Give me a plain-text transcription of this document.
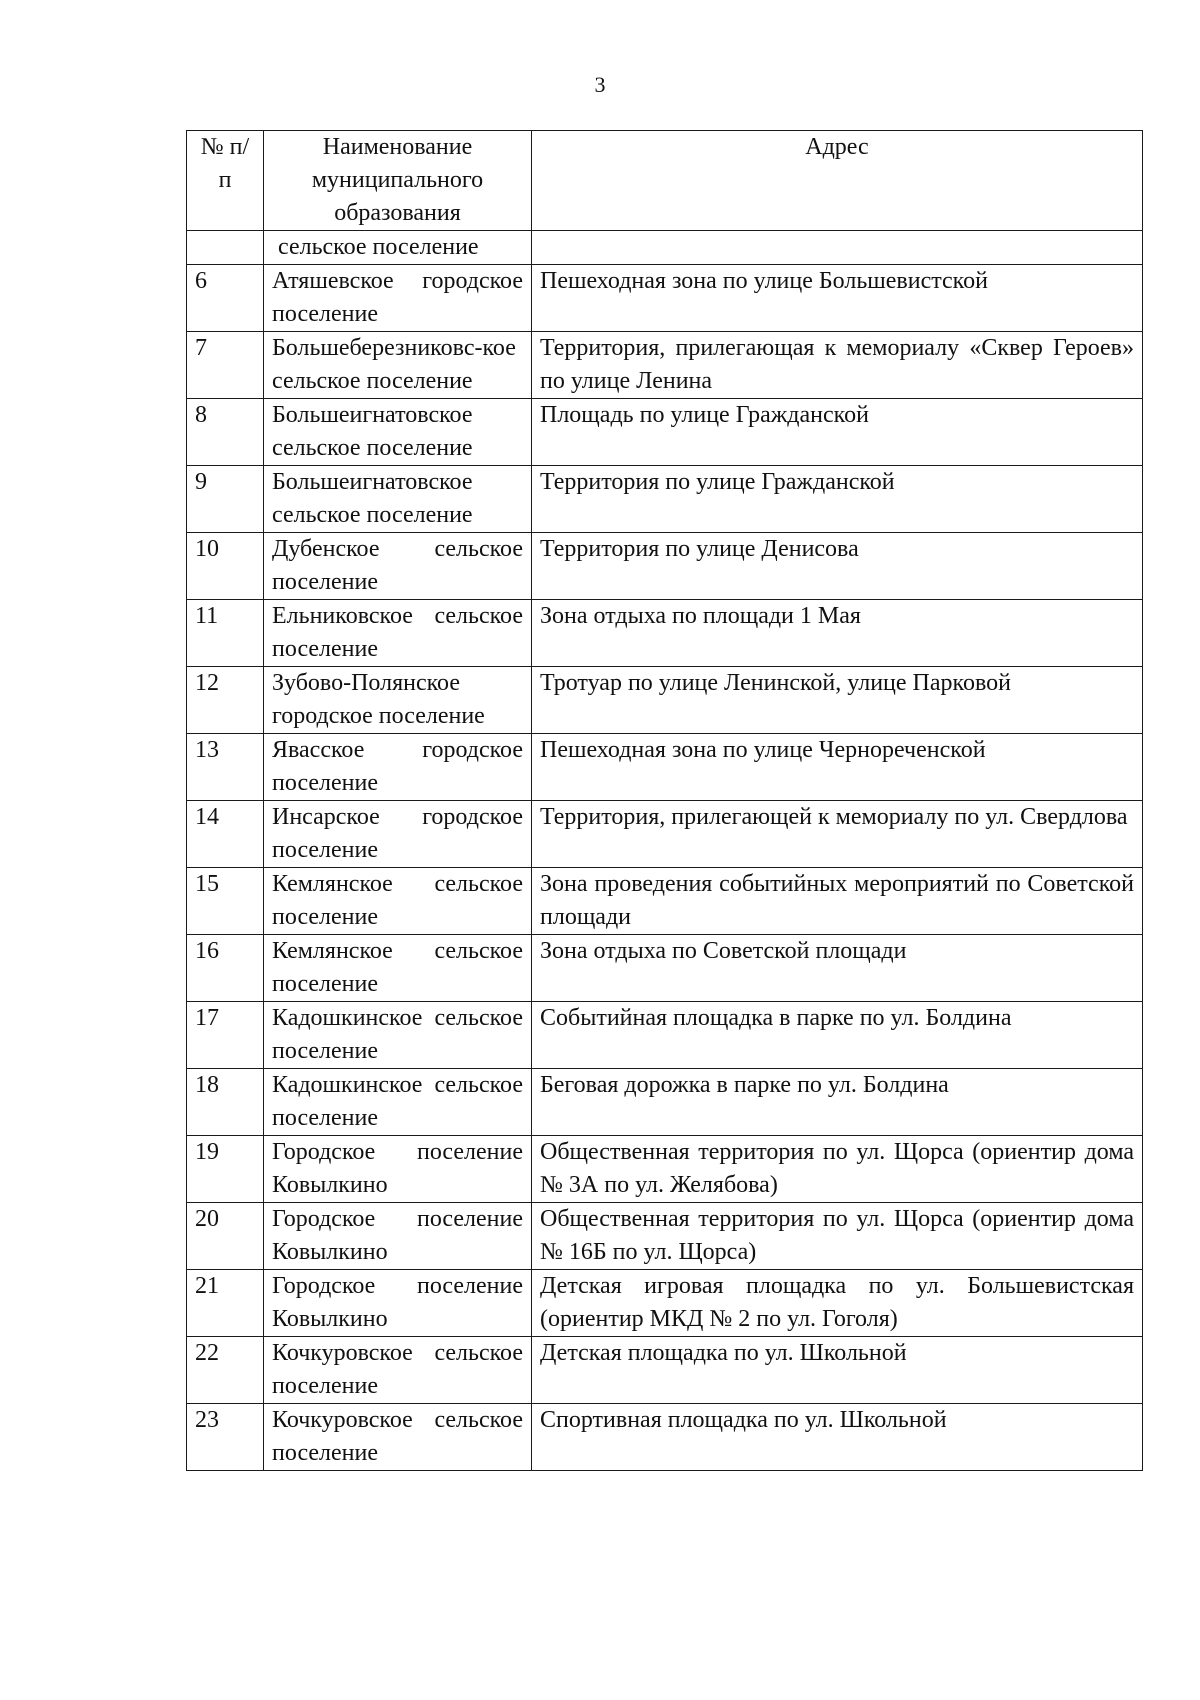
3
№ п/п	Наименование муниципального образования	Адрес
	сельское поселение	
6	Атяшевское городское поселение	Пешеходная зона по улице Большевистской
7	Большеберезниковс-кое сельское поселение	Территория, прилегающая к мемориалу «Сквер Героев» по улице Ленина
8	Большеигнатовское сельское поселение	Площадь по улице Гражданской
9	Большеигнатовское сельское поселение	Территория по улице Гражданской
10	Дубенское сельское поселение	Территория по улице Денисова
11	Ельниковское сельское поселение	Зона отдыха по площади 1 Мая
12	Зубово-Полянское городское поселение	Тротуар по улице Ленинской, улице Парковой
13	Явасское городское поселение	Пешеходная зона по улице Чернореченской
14	Инсарское городское поселение	Территория, прилегающей к мемориалу по ул. Свердлова
15	Кемлянское сельское поселение	Зона проведения событийных мероприятий по Советской площади
16	Кемлянское сельское поселение	Зона отдыха по Советской площади
17	Кадошкинское сельское поселение	Событийная площадка в парке по ул. Болдина
18	Кадошкинское сельское поселение	Беговая дорожка в парке по ул. Болдина
19	Городское поселение Ковылкино	Общественная территория по ул. Щорса (ориентир дома № 3А по ул. Желябова)
20	Городское поселение Ковылкино	Общественная территория по ул. Щорса (ориентир дома № 16Б по ул. Щорса)
21	Городское поселение Ковылкино	Детская игровая площадка по ул. Большевистская (ориентир МКД № 2 по ул. Гоголя)
22	Кочкуровское сельское поселение	Детская площадка по ул. Школьной
23	Кочкуровское сельское поселение	Спортивная площадка по ул. Школьной
